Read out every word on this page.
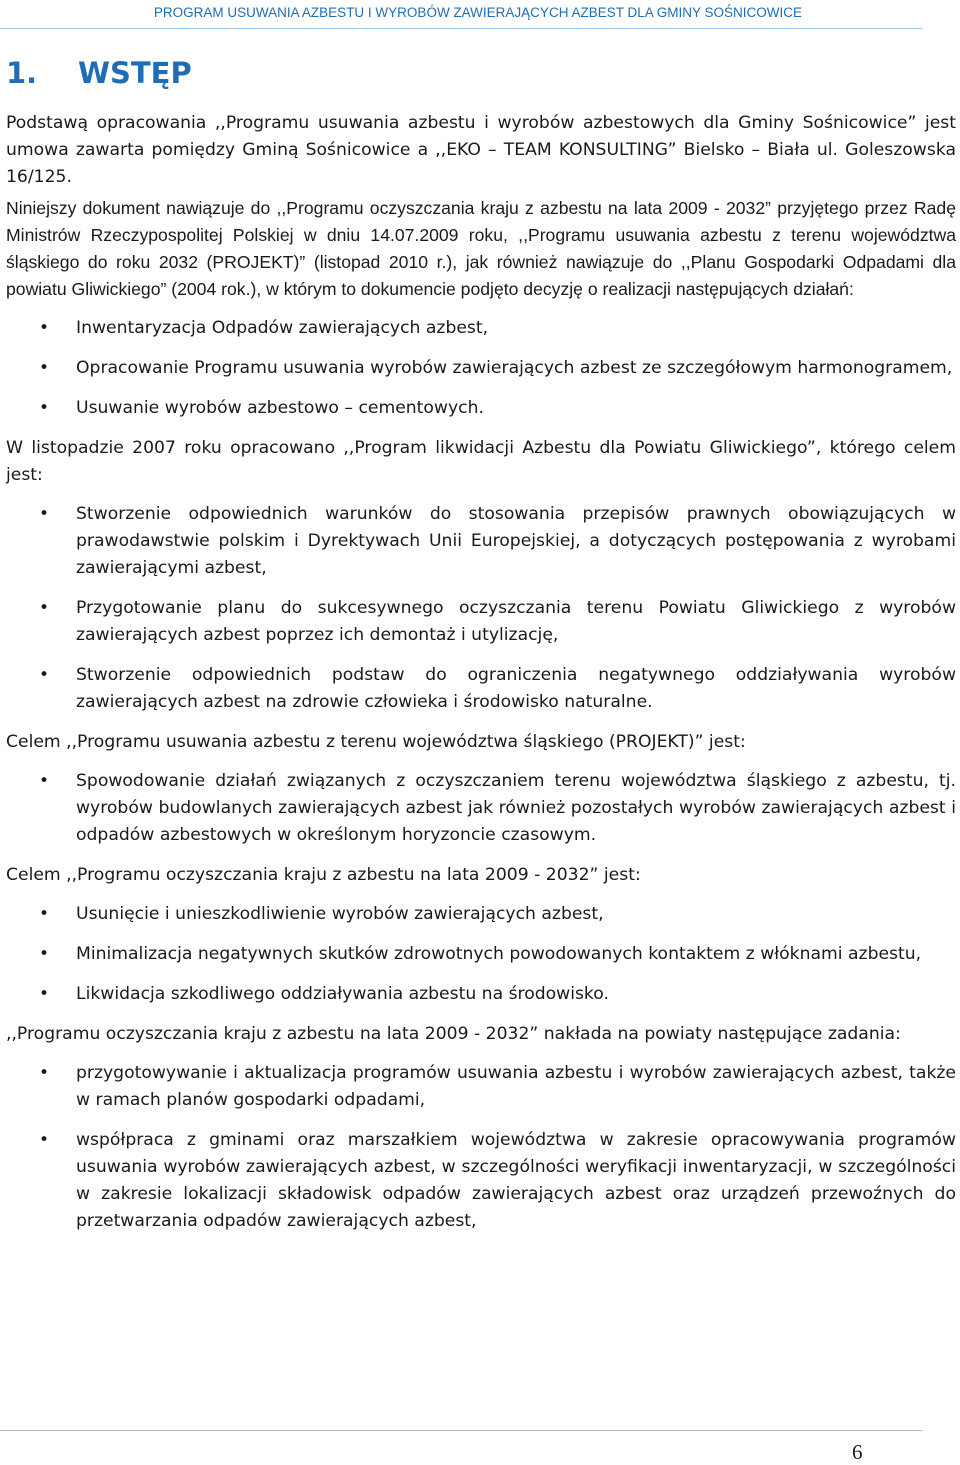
PROGRAM USUWANIA AZBESTU I WYROBÓW ZAWIERAJĄCYCH AZBEST DLA GMINY SOŚNICOWICE
1.	WSTĘP

Podstawą opracowania ,,Programu usuwania azbestu i wyrobów azbestowych dla Gminy Sośnicowice” jest umowa zawarta pomiędzy Gminą Sośnicowice a ,,EKO – TEAM KONSULTING” Bielsko – Biała ul. Goleszowska 16/125.

Niniejszy dokument nawiązuje do ,,Programu oczyszczania kraju z azbestu na lata 2009 - 2032” przyjętego przez Radę Ministrów Rzeczypospolitej Polskiej w dniu 14.07.2009 roku, ,,Programu usuwania azbestu z terenu województwa śląskiego do roku 2032 (PROJEKT)” (listopad 2010 r.), jak również nawiązuje do ,,Planu Gospodarki Odpadami dla powiatu Gliwickiego” (2004 rok.), w którym to dokumencie podjęto decyzję o realizacji następujących działań:

• Inwentaryzacja Odpadów zawierających azbest,
• Opracowanie Programu usuwania wyrobów zawierających azbest ze szczegółowym harmonogramem,
• Usuwanie wyrobów azbestowo – cementowych.

W listopadzie 2007 roku opracowano ,,Program likwidacji Azbestu dla Powiatu Gliwickiego”, którego celem jest:

• Stworzenie odpowiednich warunków do stosowania przepisów prawnych obowiązujących w prawodawstwie polskim i Dyrektywach Unii Europejskiej, a dotyczących postępowania z wyrobami zawierającymi azbest,
• Przygotowanie planu do sukcesywnego oczyszczania terenu Powiatu Gliwickiego z wyrobów zawierających azbest poprzez ich demontaż i utylizację,
• Stworzenie odpowiednich podstaw do ograniczenia negatywnego oddziaływania wyrobów zawierających azbest na zdrowie człowieka i środowisko naturalne.

Celem ,,Programu usuwania azbestu z terenu województwa śląskiego (PROJEKT)” jest:

• Spowodowanie działań związanych z oczyszczaniem terenu województwa śląskiego z azbestu, tj. wyrobów budowlanych zawierających azbest jak również pozostałych wyrobów zawierających azbest i odpadów azbestowych w określonym horyzoncie czasowym.

Celem ,,Programu oczyszczania kraju z azbestu na lata 2009 - 2032” jest:

• Usunięcie i unieszkodliwienie wyrobów zawierających azbest,
• Minimalizacja negatywnych skutków zdrowotnych powodowanych kontaktem z włóknami azbestu,
• Likwidacja szkodliwego oddziaływania azbestu na środowisko.

,,Programu oczyszczania kraju z azbestu na lata 2009 - 2032” nakłada na powiaty następujące zadania:

• przygotowywanie i aktualizacja programów usuwania azbestu i wyrobów zawierających azbest, także w ramach planów gospodarki odpadami,
• współpraca z gminami oraz marszałkiem województwa w zakresie opracowywania programów usuwania wyrobów zawierających azbest, w szczególności weryfikacji inwentaryzacji, w szczególności w zakresie lokalizacji składowisk odpadów zawierających azbest oraz urządzeń przewoźnych do przetwarzania odpadów zawierających azbest,
6
